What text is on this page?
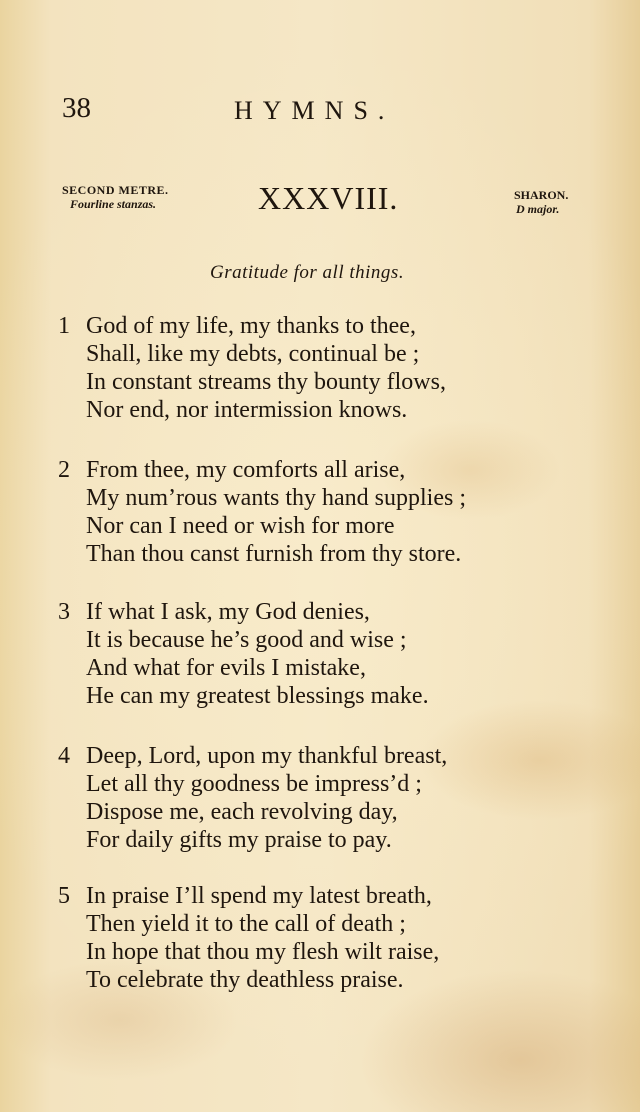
38	HYMNS.
SECOND METRE.
Fourline stanzas.	XXXVIII.	SHARON.
D major.
Gratitude for all things.
1 God of my life, my thanks to thee,
Shall, like my debts, continual be ;
In constant streams thy bounty flows,
Nor end, nor intermission knows.
2 From thee, my comforts all arise,
My num’rous wants thy hand supplies ;
Nor can I need or wish for more
Than thou canst furnish from thy store.
3 If what I ask, my God denies,
It is because he’s good and wise ;
And what for evils I mistake,
He can my greatest blessings make.
4 Deep, Lord, upon my thankful breast,
Let all thy goodness be impress’d ;
Dispose me, each revolving day,
For daily gifts my praise to pay.
5 In praise I’ll spend my latest breath,
Then yield it to the call of death ;
In hope that thou my flesh wilt raise,
To celebrate thy deathless praise.
